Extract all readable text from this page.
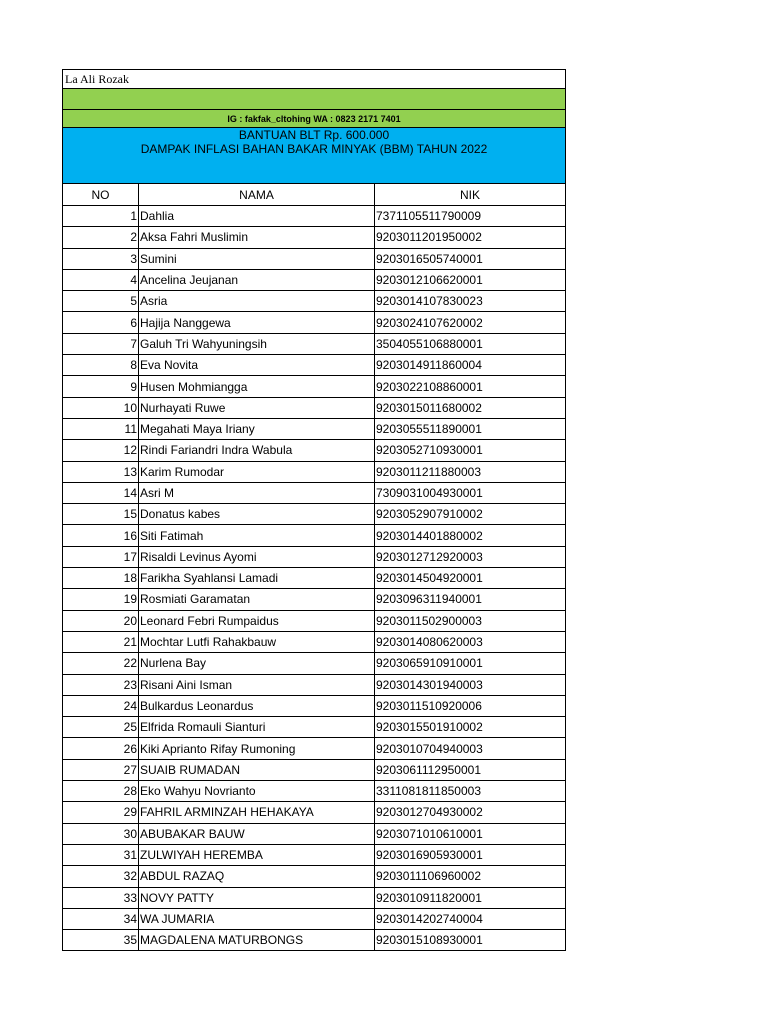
La Ali Rozak		

IG : fakfak_cltohing WA : 0823 2171 7401		

BANTUAN BLT Rp. 600.000
DAMPAK INFLASI BAHAN BAKAR MINYAK (BBM) TAHUN 2022		

NO	NAMA	NIK
1	Dahlia	7371105511790009
2	Aksa Fahri Muslimin	9203011201950002
3	Sumini	9203016505740001
4	Ancelina Jeujanan	9203012106620001
5	Asria	9203014107830023
6	Hajija Nanggewa	9203024107620002
7	Galuh Tri Wahyuningsih	3504055106880001
8	Eva Novita	9203014911860004
9	Husen Mohmiangga	9203022108860001
10	Nurhayati Ruwe	9203015011680002
11	Megahati Maya Iriany	9203055511890001
12	Rindi Fariandri Indra Wabula	9203052710930001
13	Karim Rumodar	9203011211880003
14	Asri M	7309031004930001
15	Donatus kabes	9203052907910002
16	Siti Fatimah	9203014401880002
17	Risaldi Levinus Ayomi	9203012712920003
18	Farikha Syahlansi Lamadi	9203014504920001
19	Rosmiati Garamatan	9203096311940001
20	Leonard Febri Rumpaidus	9203011502900003
21	Mochtar Lutfi Rahakbauw	9203014080620003
22	Nurlena Bay	9203065910910001
23	Risani Aini Isman	9203014301940003
24	Bulkardus Leonardus	9203011510920006
25	Elfrida Romauli Sianturi	9203015501910002
26	Kiki Aprianto Rifay Rumoning	9203010704940003
27	SUAIB RUMADAN	9203061112950001
28	Eko Wahyu Novrianto	3311081811850003
29	FAHRIL ARMINZAH HEHAKAYA	9203012704930002
30	ABUBAKAR BAUW	9203071010610001
31	ZULWIYAH HEREMBA	9203016905930001
32	ABDUL RAZAQ	9203011106960002
33	NOVY PATTY	9203010911820001
34	WA JUMARIA	9203014202740004
35	MAGDALENA MATURBONGS	9203015108930001
